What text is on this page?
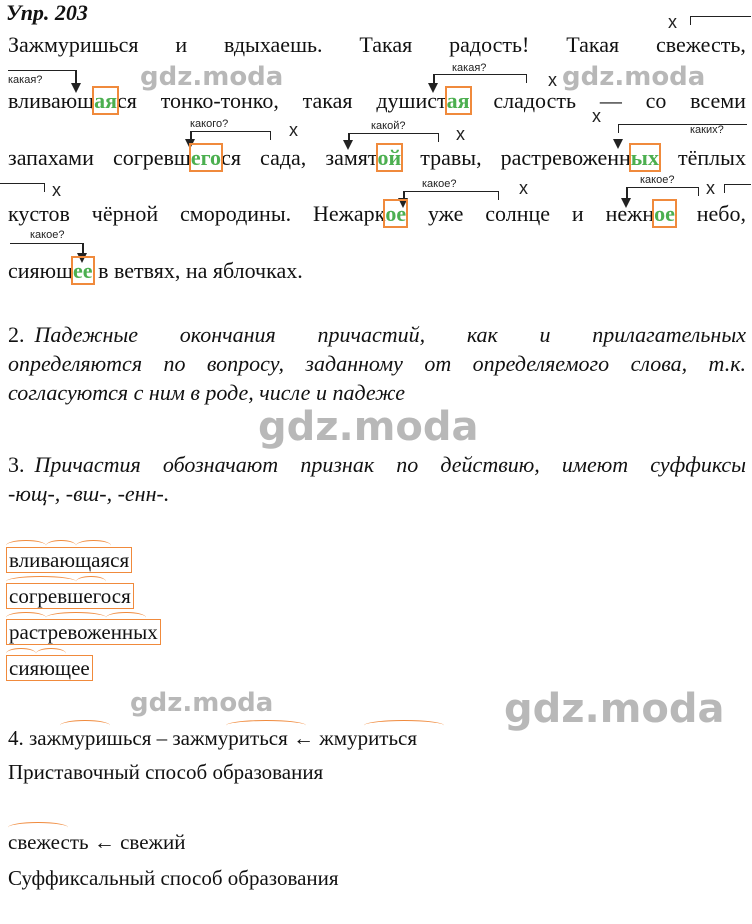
Упр. 203
Зажмуришься и вдыхаешь. Такая радость! Такая свежесть,
х
какая?
какая?
х
вливающаяся тонко-тонко, такая душистая сладость — со всеми
какого?	х	какой?	х	каких?
х
запахами согревшегося сада, замятой травы, растревоженных тёплых
х	какое?	х	какое? х
кустов чёрной смородины. Нежаркое уже солнце и нежное небо,
какое?
сияющее в ветвях, на яблочках.
gdz.moda	gdz.moda
2. Падежные окончания причастий, как и прилагательных
определяются по вопросу, заданному от определяемого слова, т.к.
согласуются с ним в роде, числе и падеже
gdz.moda
3. Причастия обозначают признак по действию, имеют суффиксы
-ющ-, -вш-, -енн-.
вливающаяся
согревшегося
растревоженных
сияющее
gdz.moda	gdz.moda
4. зажмуришься – зажмуриться ← жмуриться
Приставочный способ образования
свежесть ← свежий
Суффиксальный способ образования
